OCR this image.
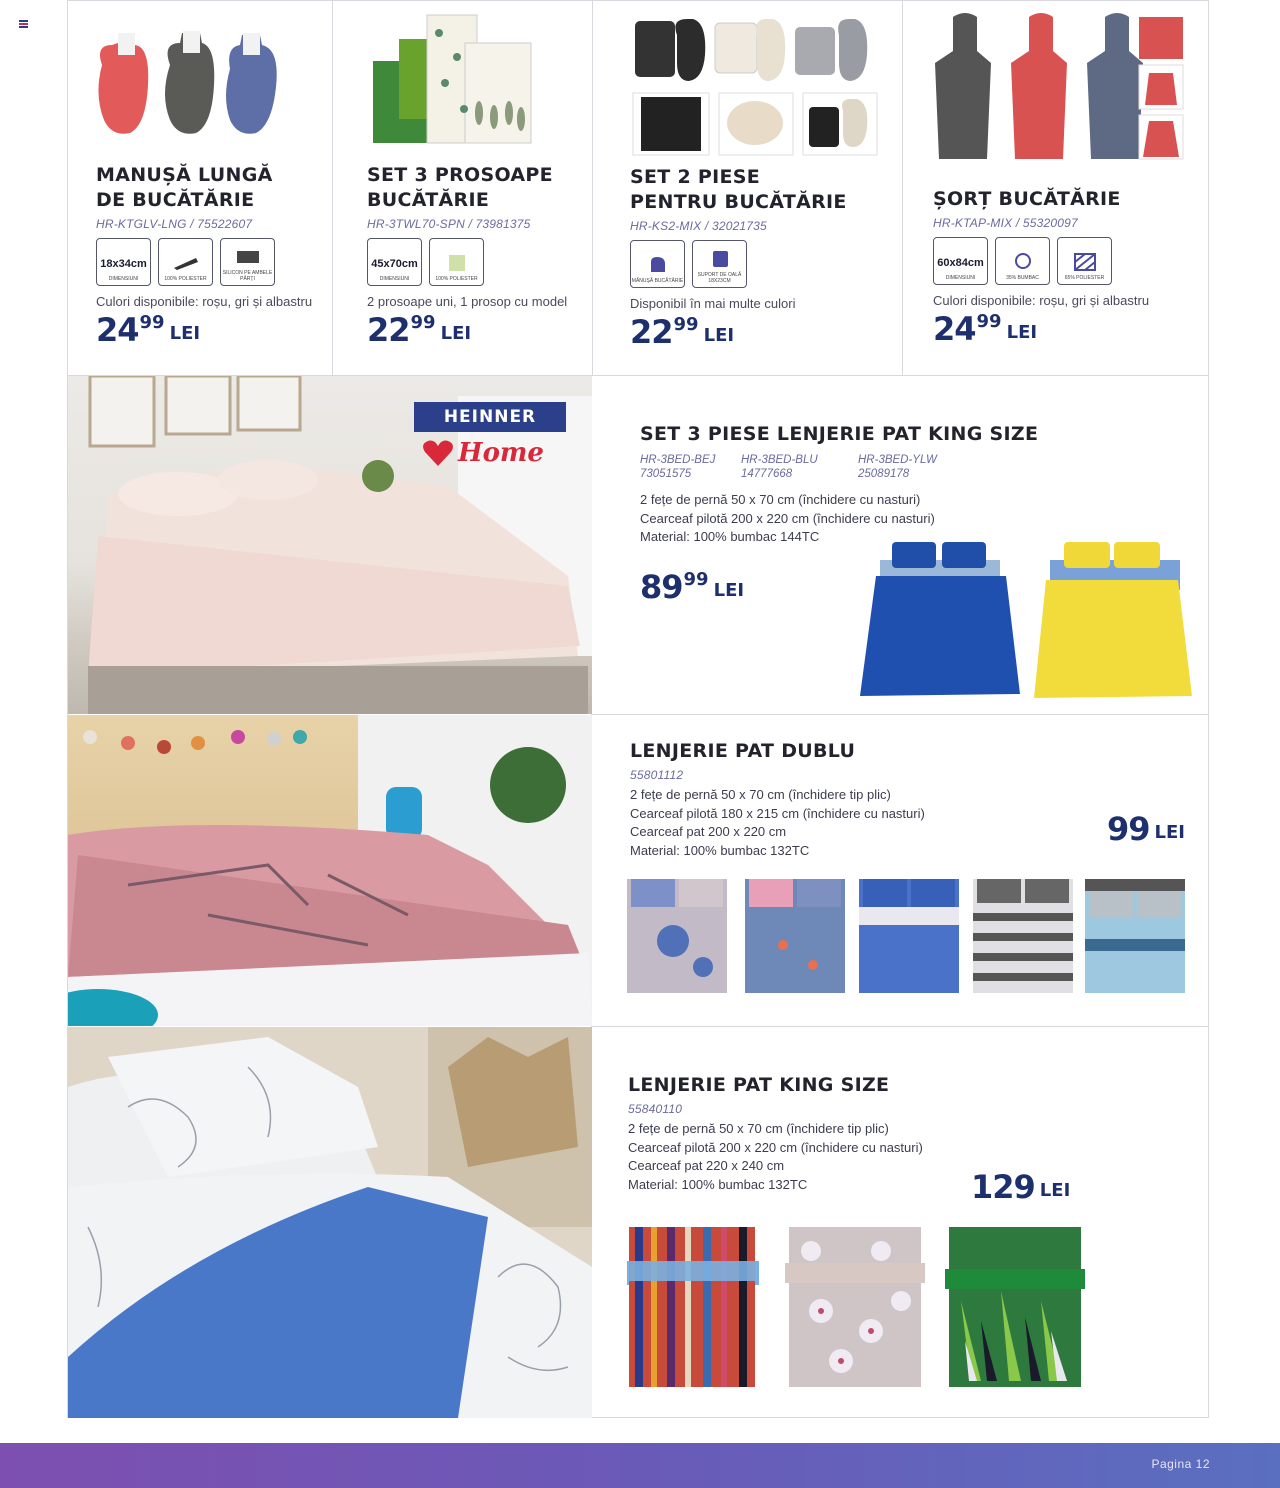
MANUȘĂ LUNGĂ
DE BUCĂTĂRIE
HR-KTGLV-LNG / 75522607
18x34cm
DIMENSIUNI	100% POLIESTER
SILICON PE AMBELE PĂRȚI
Culori disponibile: roșu, gri și albastru
24 99
LEI
SET 3 PROSOAPE
BUCĂTĂRIE
HR-3TWL70-SPN / 73981375
45x70cm
DIMENSIUNI	100% POLIESTER
2 prosoape uni, 1 prosop cu model
22 99
LEI
SET 2 PIESE
PENTRU BUCĂTĂRIE
HR-KS2-MIX / 32021735
MĂNUȘĂ BUCĂTĂRIE
SUPORT DE OALĂ 18X23CM
Disponibil în mai multe culori
22 99
LEI
ȘORȚ BUCĂTĂRIE
HR-KTAP-MIX / 55320097
60x84cm
DIMENSIUNI	35% BUMBAC	65% POLIESTER
Culori disponibile: roșu, gri și albastru
24 99
LEI
HEINNER
Home
SET 3 PIESE LENJERIE PAT KING SIZE
HR-3BED-BEJ
73051575
HR-3BED-BLU
14777668
HR-3BED-YLW
25089178
2 fețe de pernă 50 x 70 cm (închidere cu nasturi)
Cearceaf pilotă 200 x 220 cm (închidere cu nasturi)
Material: 100% bumbac 144TC
89 99
LEI
LENJERIE PAT DUBLU
55801112
2 fețe de pernă 50 x 70 cm (închidere tip plic)
Cearceaf pilotă 180 x 215 cm (închidere cu nasturi)
Cearceaf pat 200 x 220 cm
Material: 100% bumbac 132TC
99 LEI
LENJERIE PAT KING SIZE
55840110
2 fețe de pernă 50 x 70 cm (închidere tip plic)
Cearceaf pilotă 200 x 220 cm (închidere cu nasturi)
Cearceaf pat 220 x 240 cm
Material: 100% bumbac 132TC	129 LEI
Pagina 12
